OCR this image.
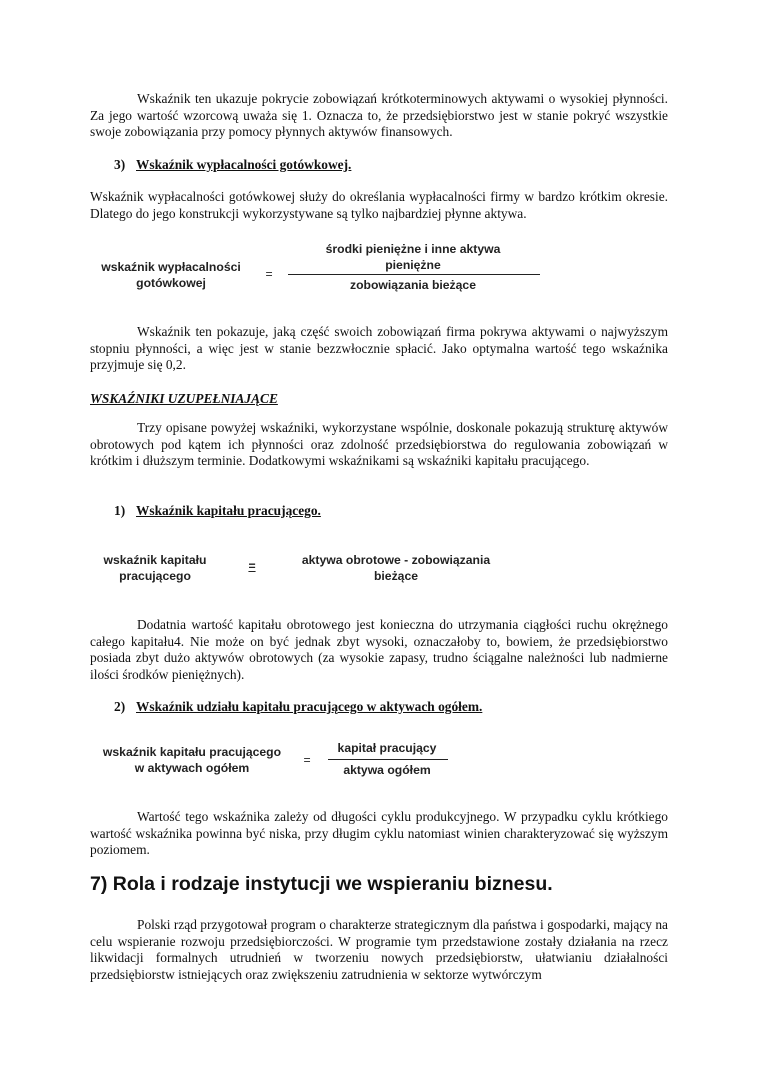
Wskaźnik ten ukazuje pokrycie zobowiązań krótkoterminowych aktywami o wysokiej płynności. Za jego wartość wzorcową uważa się 1. Oznacza to, że przedsiębiorstwo jest w stanie pokryć wszystkie swoje zobowiązania przy pomocy płynnych aktywów finansowych.

3) Wskaźnik wypłacalności gotówkowej.

Wskaźnik wypłacalności gotówkowej służy do określania wypłacalności firmy w bardzo krótkim okresie. Dlatego do jego konstrukcji wykorzystywane są tylko najbardziej płynne aktywa.

wskaźnik wypłacalności
gotówkowej
=
środki pieniężne i inne aktywa
pieniężne
zobowiązania bieżące

Wskaźnik ten pokazuje, jaką część swoich zobowiązań firma pokrywa aktywami o najwyższym stopniu płynności, a więc jest w stanie bezzwłocznie spłacić. Jako optymalna wartość tego wskaźnika przyjmuje się 0,2.

WSKAŹNIKI UZUPEŁNIAJĄCE

Trzy opisane powyżej wskaźniki, wykorzystane wspólnie, doskonale pokazują strukturę aktywów obrotowych pod kątem ich płynności oraz zdolność przedsiębiorstwa do regulowania zobowiązań w krótkim i dłuższym terminie. Dodatkowymi wskaźnikami są wskaźniki kapitału pracującego.

1) Wskaźnik kapitału pracującego.

wskaźnik kapitału
pracującego
=	aktywa obrotowe - zobowiązania
bieżące

Dodatnia wartość kapitału obrotowego jest konieczna do utrzymania ciągłości ruchu okrężnego całego kapitału4. Nie może on być jednak zbyt wysoki, oznaczałoby to, bowiem, że przedsiębiorstwo posiada zbyt dużo aktywów obrotowych (za wysokie zapasy, trudno ściągalne należności lub nadmierne ilości środków pieniężnych).

2) Wskaźnik udziału kapitału pracującego w aktywach ogółem.

wskaźnik kapitału pracującego
w aktywach ogółem
=
kapitał pracujący
aktywa ogółem

Wartość tego wskaźnika zależy od długości cyklu produkcyjnego. W przypadku cyklu krótkiego wartość wskaźnika powinna być niska, przy długim cyklu natomiast winien charakteryzować się wyższym poziomem.

7) Rola i rodzaje instytucji we wspieraniu biznesu.

Polski rząd przygotował program o charakterze strategicznym dla państwa i gospodarki, mający na celu wspieranie rozwoju przedsiębiorczości. W programie tym przedstawione zostały działania na rzecz likwidacji formalnych utrudnień w tworzeniu nowych przedsiębiorstw, ułatwianiu działalności przedsiębiorstw istniejących oraz zwiększeniu zatrudnienia w sektorze wytwórczym
